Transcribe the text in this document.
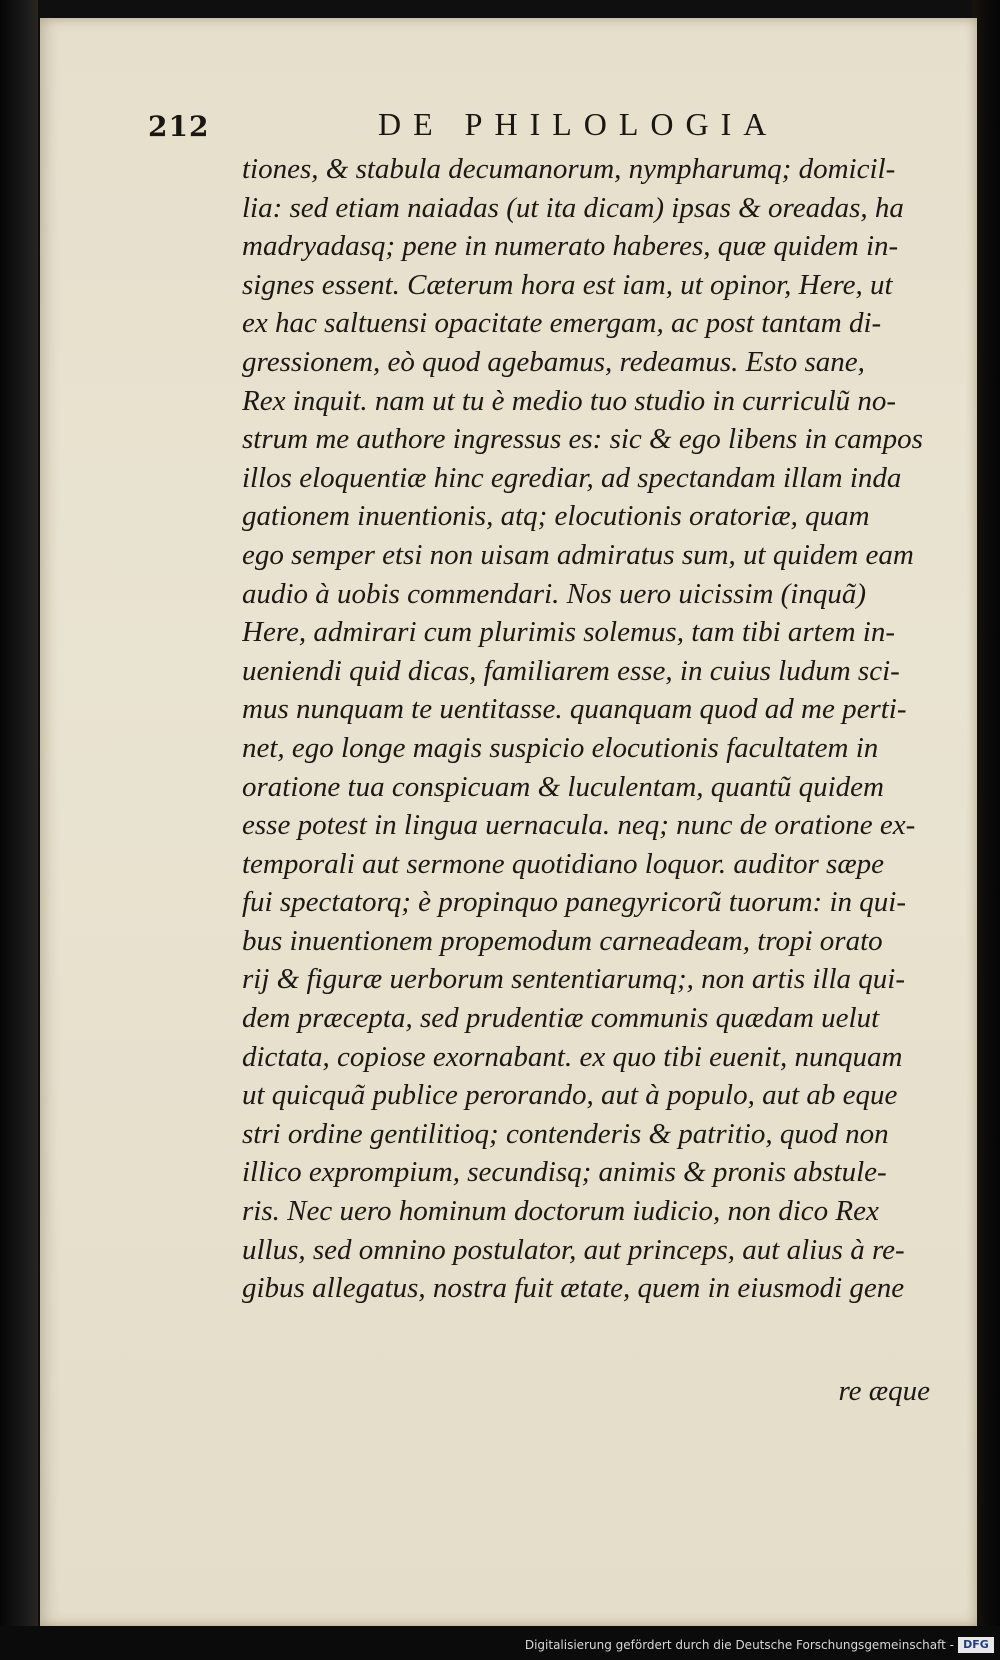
212	DE PHILOLOGIA
tiones, & stabula decumanorum, nympharumq; domicil-
lia: sed etiam naiadas (ut ita dicam) ipsas & oreadas, ha
madryadasq; pene in numerato haberes, quæ quidem in-
signes essent. Cæterum hora est iam, ut opinor, Here, ut
ex hac saltuensi opacitate emergam, ac post tantam di-
gressionem, eò quod agebamus, redeamus. Esto sane,
Rex inquit. nam ut tu è medio tuo studio in curriculũ no-
strum me authore ingressus es: sic & ego libens in campos
illos eloquentiæ hinc egrediar, ad spectandam illam inda
gationem inuentionis, atq; elocutionis oratoriæ, quam
ego semper etsi non uisam admiratus sum, ut quidem eam
audio à uobis commendari. Nos uero uicissim (inquã)
Here, admirari cum plurimis solemus, tam tibi artem in-
ueniendi quid dicas, familiarem esse, in cuius ludum sci-
mus nunquam te uentitasse. quanquam quod ad me perti-
net, ego longe magis suspicio elocutionis facultatem in
oratione tua conspicuam & luculentam, quantũ quidem
esse potest in lingua uernacula. neq; nunc de oratione ex-
temporali aut sermone quotidiano loquor. auditor sæpe
fui spectatorq; è propinquo panegyricorũ tuorum: in qui-
bus inuentionem propemodum carneadeam, tropi orato
rij & figuræ uerborum sententiarumq;, non artis illa qui-
dem præcepta, sed prudentiæ communis quædam uelut
dictata, copiose exornabant. ex quo tibi euenit, nunquam
ut quicquã publice perorando, aut à populo, aut ab eque
stri ordine gentilitioq; contenderis & patritio, quod non
illico exprompium, secundisq; animis & pronis abstule-
ris. Nec uero hominum doctorum iudicio, non dico Rex
ullus, sed omnino postulator, aut princeps, aut alius à re-
gibus allegatus, nostra fuit ætate, quem in eiusmodi gene
re æque
Digitalisierung gefördert durch die Deutsche Forschungsgemeinschaft - DFG
